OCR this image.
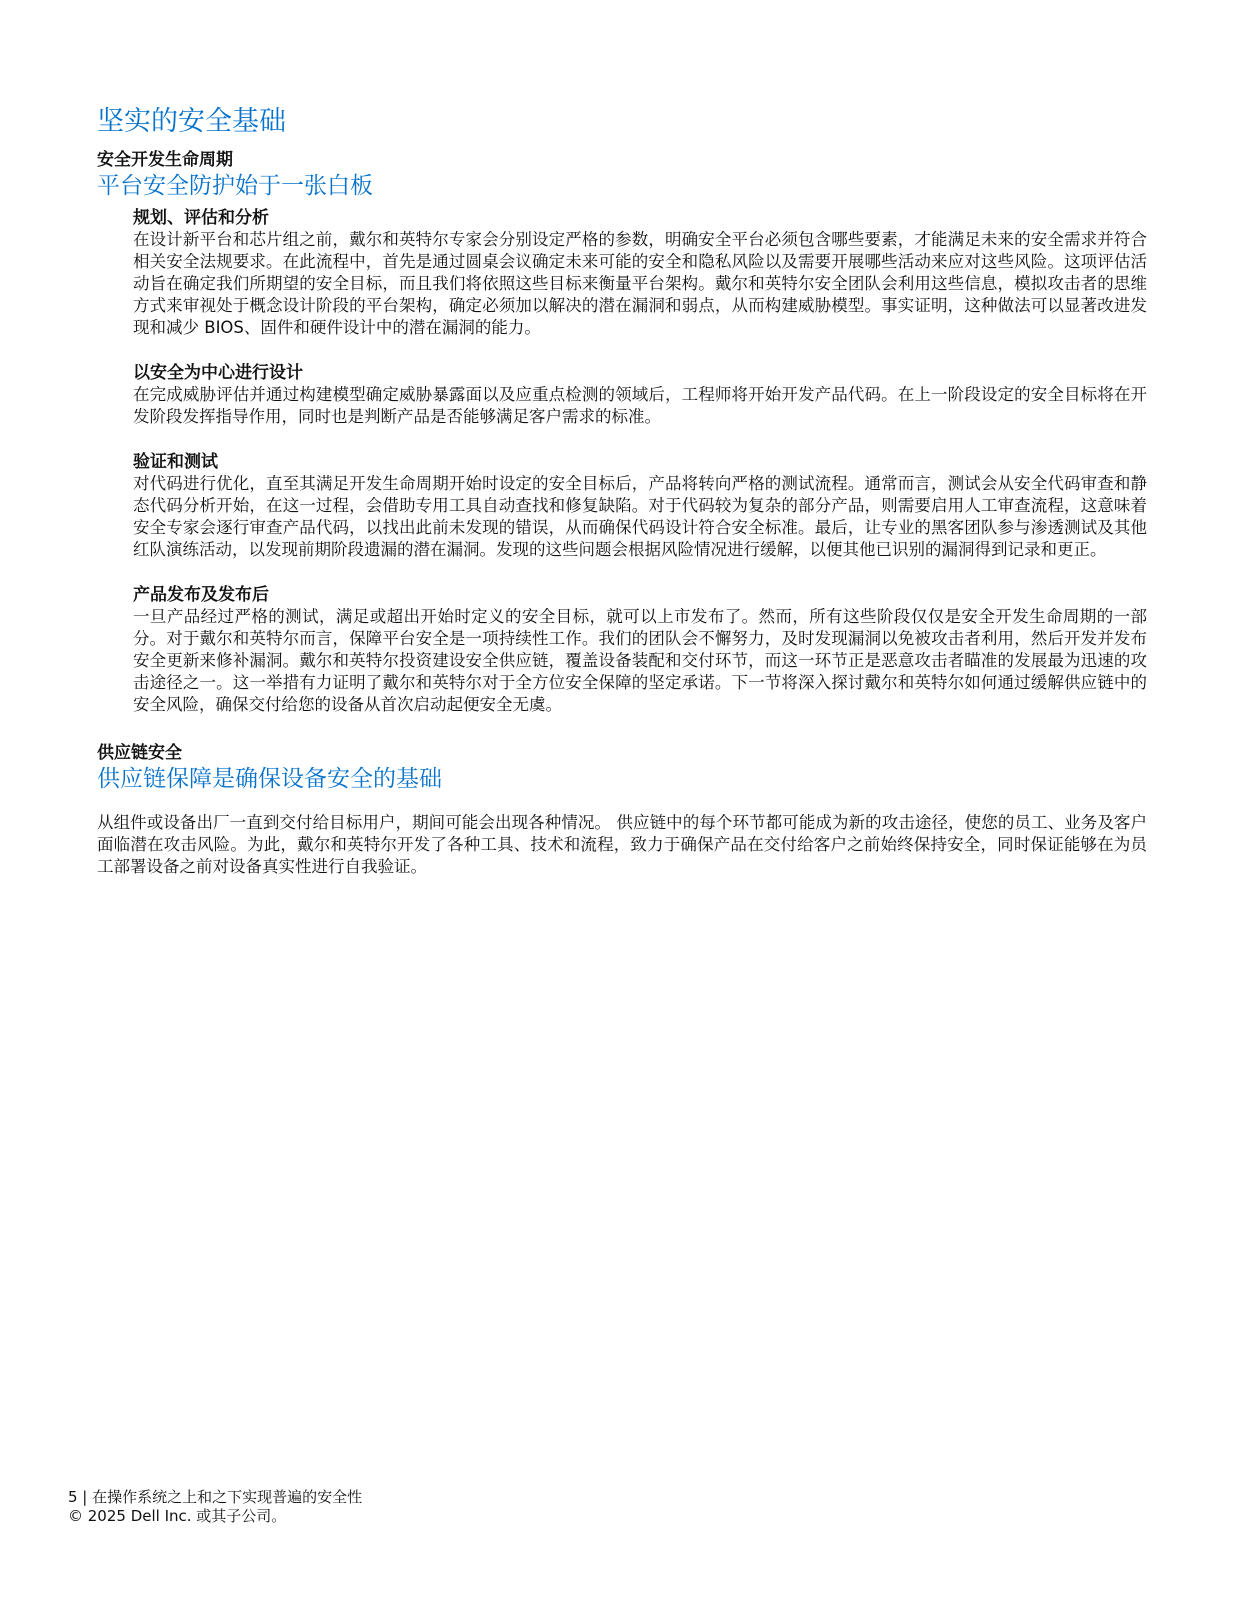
坚实的安全基础

安全开发生命周期

平台安全防护始于一张白板

规划、评估和分析

在设计新平台和芯片组之前，戴尔和英特尔专家会分别设定严格的参数，明确安全平台必须包含哪些要素，才能满足未来的安全需求并符合相关安全法规要求。在此流程中，首先是通过圆桌会议确定未来可能的安全和隐私风险以及需要开展哪些活动来应对这些风险。这项评估活动旨在确定我们所期望的安全目标，而且我们将依照这些目标来衡量平台架构。戴尔和英特尔安全团队会利用这些信息，模拟攻击者的思维方式来审视处于概念设计阶段的平台架构，确定必须加以解决的潜在漏洞和弱点，从而构建威胁模型。事实证明，这种做法可以显著改进发现和减少 BIOS、固件和硬件设计中的潜在漏洞的能力。

以安全为中心进行设计

在完成威胁评估并通过构建模型确定威胁暴露面以及应重点检测的领域后，工程师将开始开发产品代码。在上一阶段设定的安全目标将在开发阶段发挥指导作用，同时也是判断产品是否能够满足客户需求的标准。

验证和测试

对代码进行优化，直至其满足开发生命周期开始时设定的安全目标后，产品将转向严格的测试流程。通常而言，测试会从安全代码审查和静态代码分析开始，在这一过程，会借助专用工具自动查找和修复缺陷。对于代码较为复杂的部分产品，则需要启用人工审查流程，这意味着安全专家会逐行审查产品代码，以找出此前未发现的错误，从而确保代码设计符合安全标准。最后，让专业的黑客团队参与渗透测试及其他红队演练活动，以发现前期阶段遗漏的潜在漏洞。发现的这些问题会根据风险情况进行缓解，以便其他已识别的漏洞得到记录和更正。

产品发布及发布后

一旦产品经过严格的测试，满足或超出开始时定义的安全目标，就可以上市发布了。然而，所有这些阶段仅仅是安全开发生命周期的一部分。对于戴尔和英特尔而言，保障平台安全是一项持续性工作。我们的团队会不懈努力，及时发现漏洞以免被攻击者利用，然后开发并发布安全更新来修补漏洞。戴尔和英特尔投资建设安全供应链，覆盖设备装配和交付环节，而这一环节正是恶意攻击者瞄准的发展最为迅速的攻击途径之一。这一举措有力证明了戴尔和英特尔对于全方位安全保障的坚定承诺。下一节将深入探讨戴尔和英特尔如何通过缓解供应链中的安全风险，确保交付给您的设备从首次启动起便安全无虞。

供应链安全

供应链保障是确保设备安全的基础

从组件或设备出厂一直到交付给目标用户，期间可能会出现各种情况。 供应链中的每个环节都可能成为新的攻击途径，使您的员工、业务及客户面临潜在攻击风险。为此，戴尔和英特尔开发了各种工具、技术和流程，致力于确保产品在交付给客户之前始终保持安全，同时保证能够在为员工部署设备之前对设备真实性进行自我验证。

5 | 在操作系统之上和之下实现普遍的安全性
© 2025 Dell Inc. 或其子公司。
